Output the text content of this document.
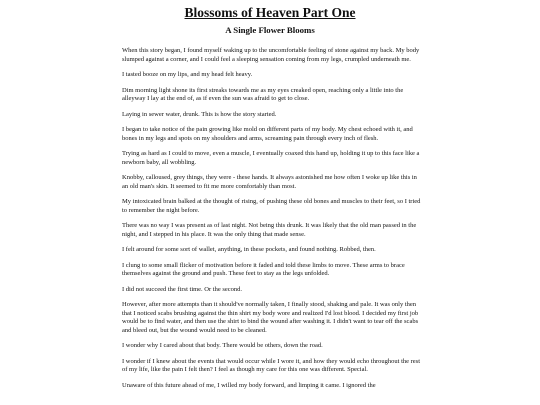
Blossoms of Heaven Part One
A Single Flower Blooms

When this story began, I found myself waking up to the uncomfortable feeling of stone against my back. My body slumped against a corner, and I could feel a sleeping sensation coming from my legs, crumpled underneath me.

I tasted booze on my lips, and my head felt heavy.

Dim morning light shone its first streaks towards me as my eyes creaked open, reaching only a little into the alleyway I lay at the end of, as if even the sun was afraid to get to close.

Laying in sewer water, drunk. This is how the story started.

I began to take notice of the pain growing like mold on different parts of my body. My chest echoed with it, and bones in my legs and spots on my shoulders and arms, screaming pain through every inch of flesh.

Trying as hard as I could to move, even a muscle, I eventually coaxed this hand up, holding it up to this face like a newborn baby, all wobbling.

Knobby, calloused, grey things, they were - these hands. It always astonished me how often I woke up like this in an old man's skin. It seemed to fit me more comfortably than most.

My intoxicated brain balked at the thought of rising, of pushing these old bones and muscles to their feet, so I tried to remember the night before.

There was no way I was present as of last night. Not being this drunk. It was likely that the old man passed in the night, and I stepped in his place. It was the only thing that made sense.

I felt around for some sort of wallet, anything, in these pockets, and found nothing. Robbed, then.

I clung to some small flicker of motivation before it faded and told these limbs to move. These arms to brace themselves against the ground and push. These feet to stay as the legs unfolded.

I did not succeed the first time. Or the second.

However, after more attempts than it should've normally taken, I finally stood, shaking and pale. It was only then that I noticed scabs brushing against the thin shirt my body wore and realized I'd lost blood. I decided my first job would be to find water, and then use the shirt to bind the wound after washing it. I didn't want to tear off the scabs and bleed out, but the wound would need to be cleaned.

I wonder why I cared about that body. There would be others, down the road.

I wonder if I knew about the events that would occur while I wore it, and how they would echo throughout the rest of my life, like the pain I felt then? I feel as though my care for this one was different. Special.

Unaware of this future ahead of me, I willed my body forward, and limping it came. I ignored the
